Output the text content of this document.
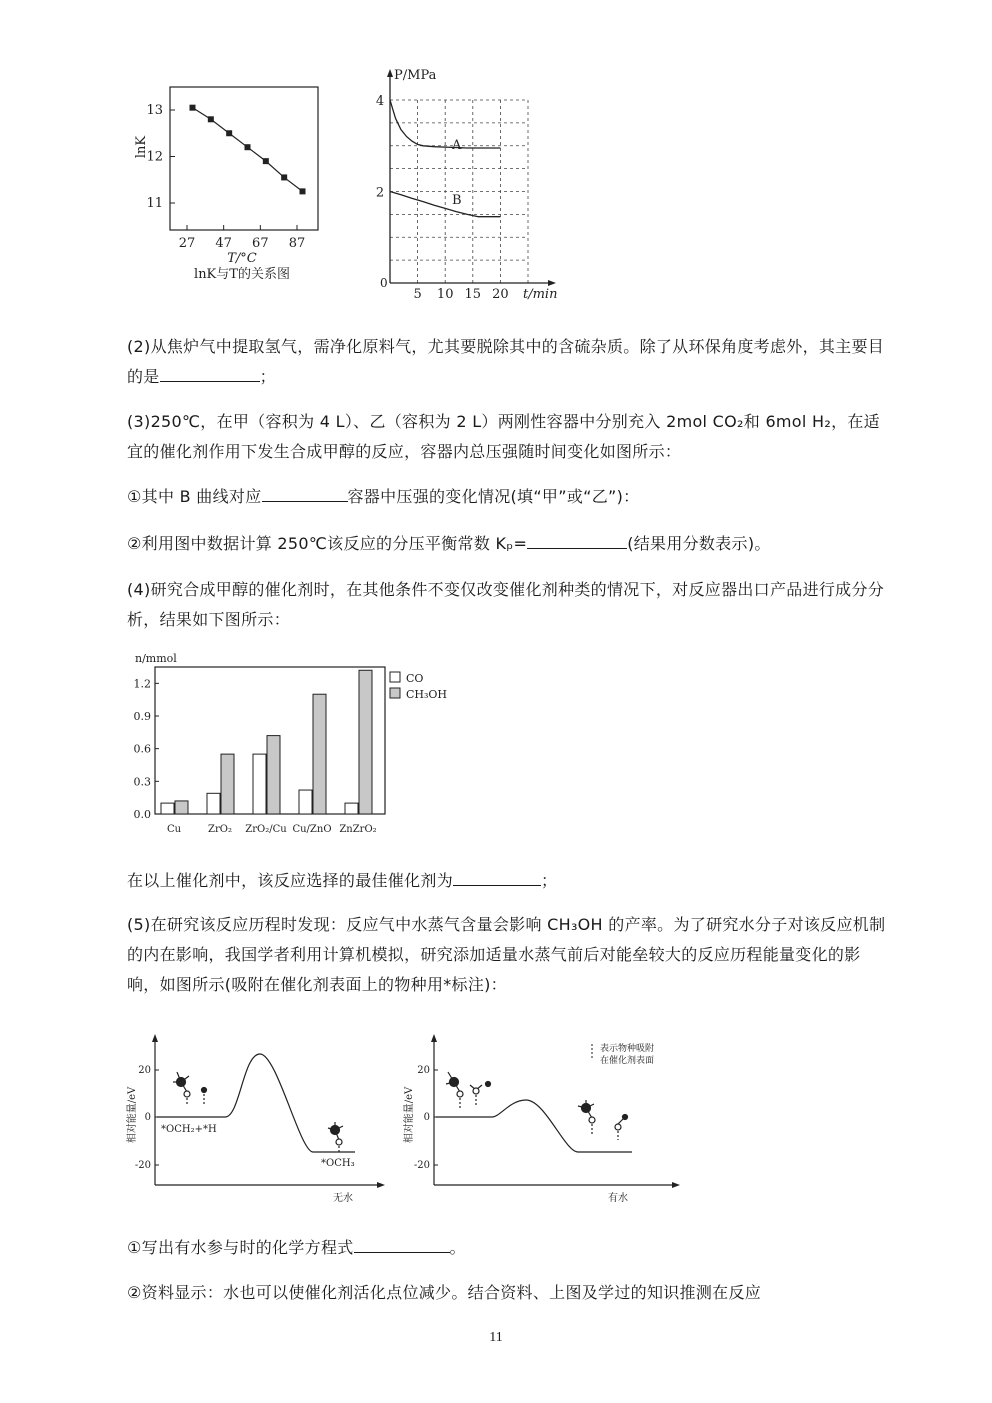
lnK
11
12
13
27 47 67 87
T/°C
lnK与T的关系图
P/MPa
0
2
4
5 10 15 20
A
B
t/min
(2)从焦炉气中提取氢气，需净化原料气，尤其要脱除其中的含硫杂质。除了从环保角度考虑外，其主要目的是	；
(3)250℃，在甲（容积为 4 L）、乙（容积为 2 L）两刚性容器中分别充入 2mol CO₂和 6mol H₂，在适宜的催化剂作用下发生合成甲醇的反应，容器内总压强随时间变化如图所示：
①其中 B 曲线对应	容器中压强的变化情况(填“甲”或“乙”)：
②利用图中数据计算 250℃该反应的分压平衡常数 Kₚ=	(结果用分数表示)。
(4)研究合成甲醇的催化剂时，在其他条件不变仅改变催化剂种类的情况下，对反应器出口产品进行成分分析，结果如下图所示：
n/mmol
0.0
0.3
0.6
0.9
1.2
Cu	ZrO₂ ZrO₂/Cu Cu/ZnO ZnZrO₂
CO
CH₃OH
在以上催化剂中，该反应选择的最佳催化剂为	；
(5)在研究该反应历程时发现：反应气中水蒸气含量会影响 CH₃OH 的产率。为了研究水分子对该反应机制的内在影响，我国学者利用计算机模拟，研究添加适量水蒸气前后对能垒较大的反应历程能量变化的影响，如图所示(吸附在催化剂表面上的物种用*标注)：
相对能量/eV
20
0
-20
*OCH₂+*H
*OCH₃
无水
相对能量/eV
20
0
-20
表示物种吸附
在催化剂表面
有水
①写出有水参与时的化学方程式	。
②资料显示：水也可以使催化剂活化点位减少。结合资料、上图及学过的知识推测在反应
11
